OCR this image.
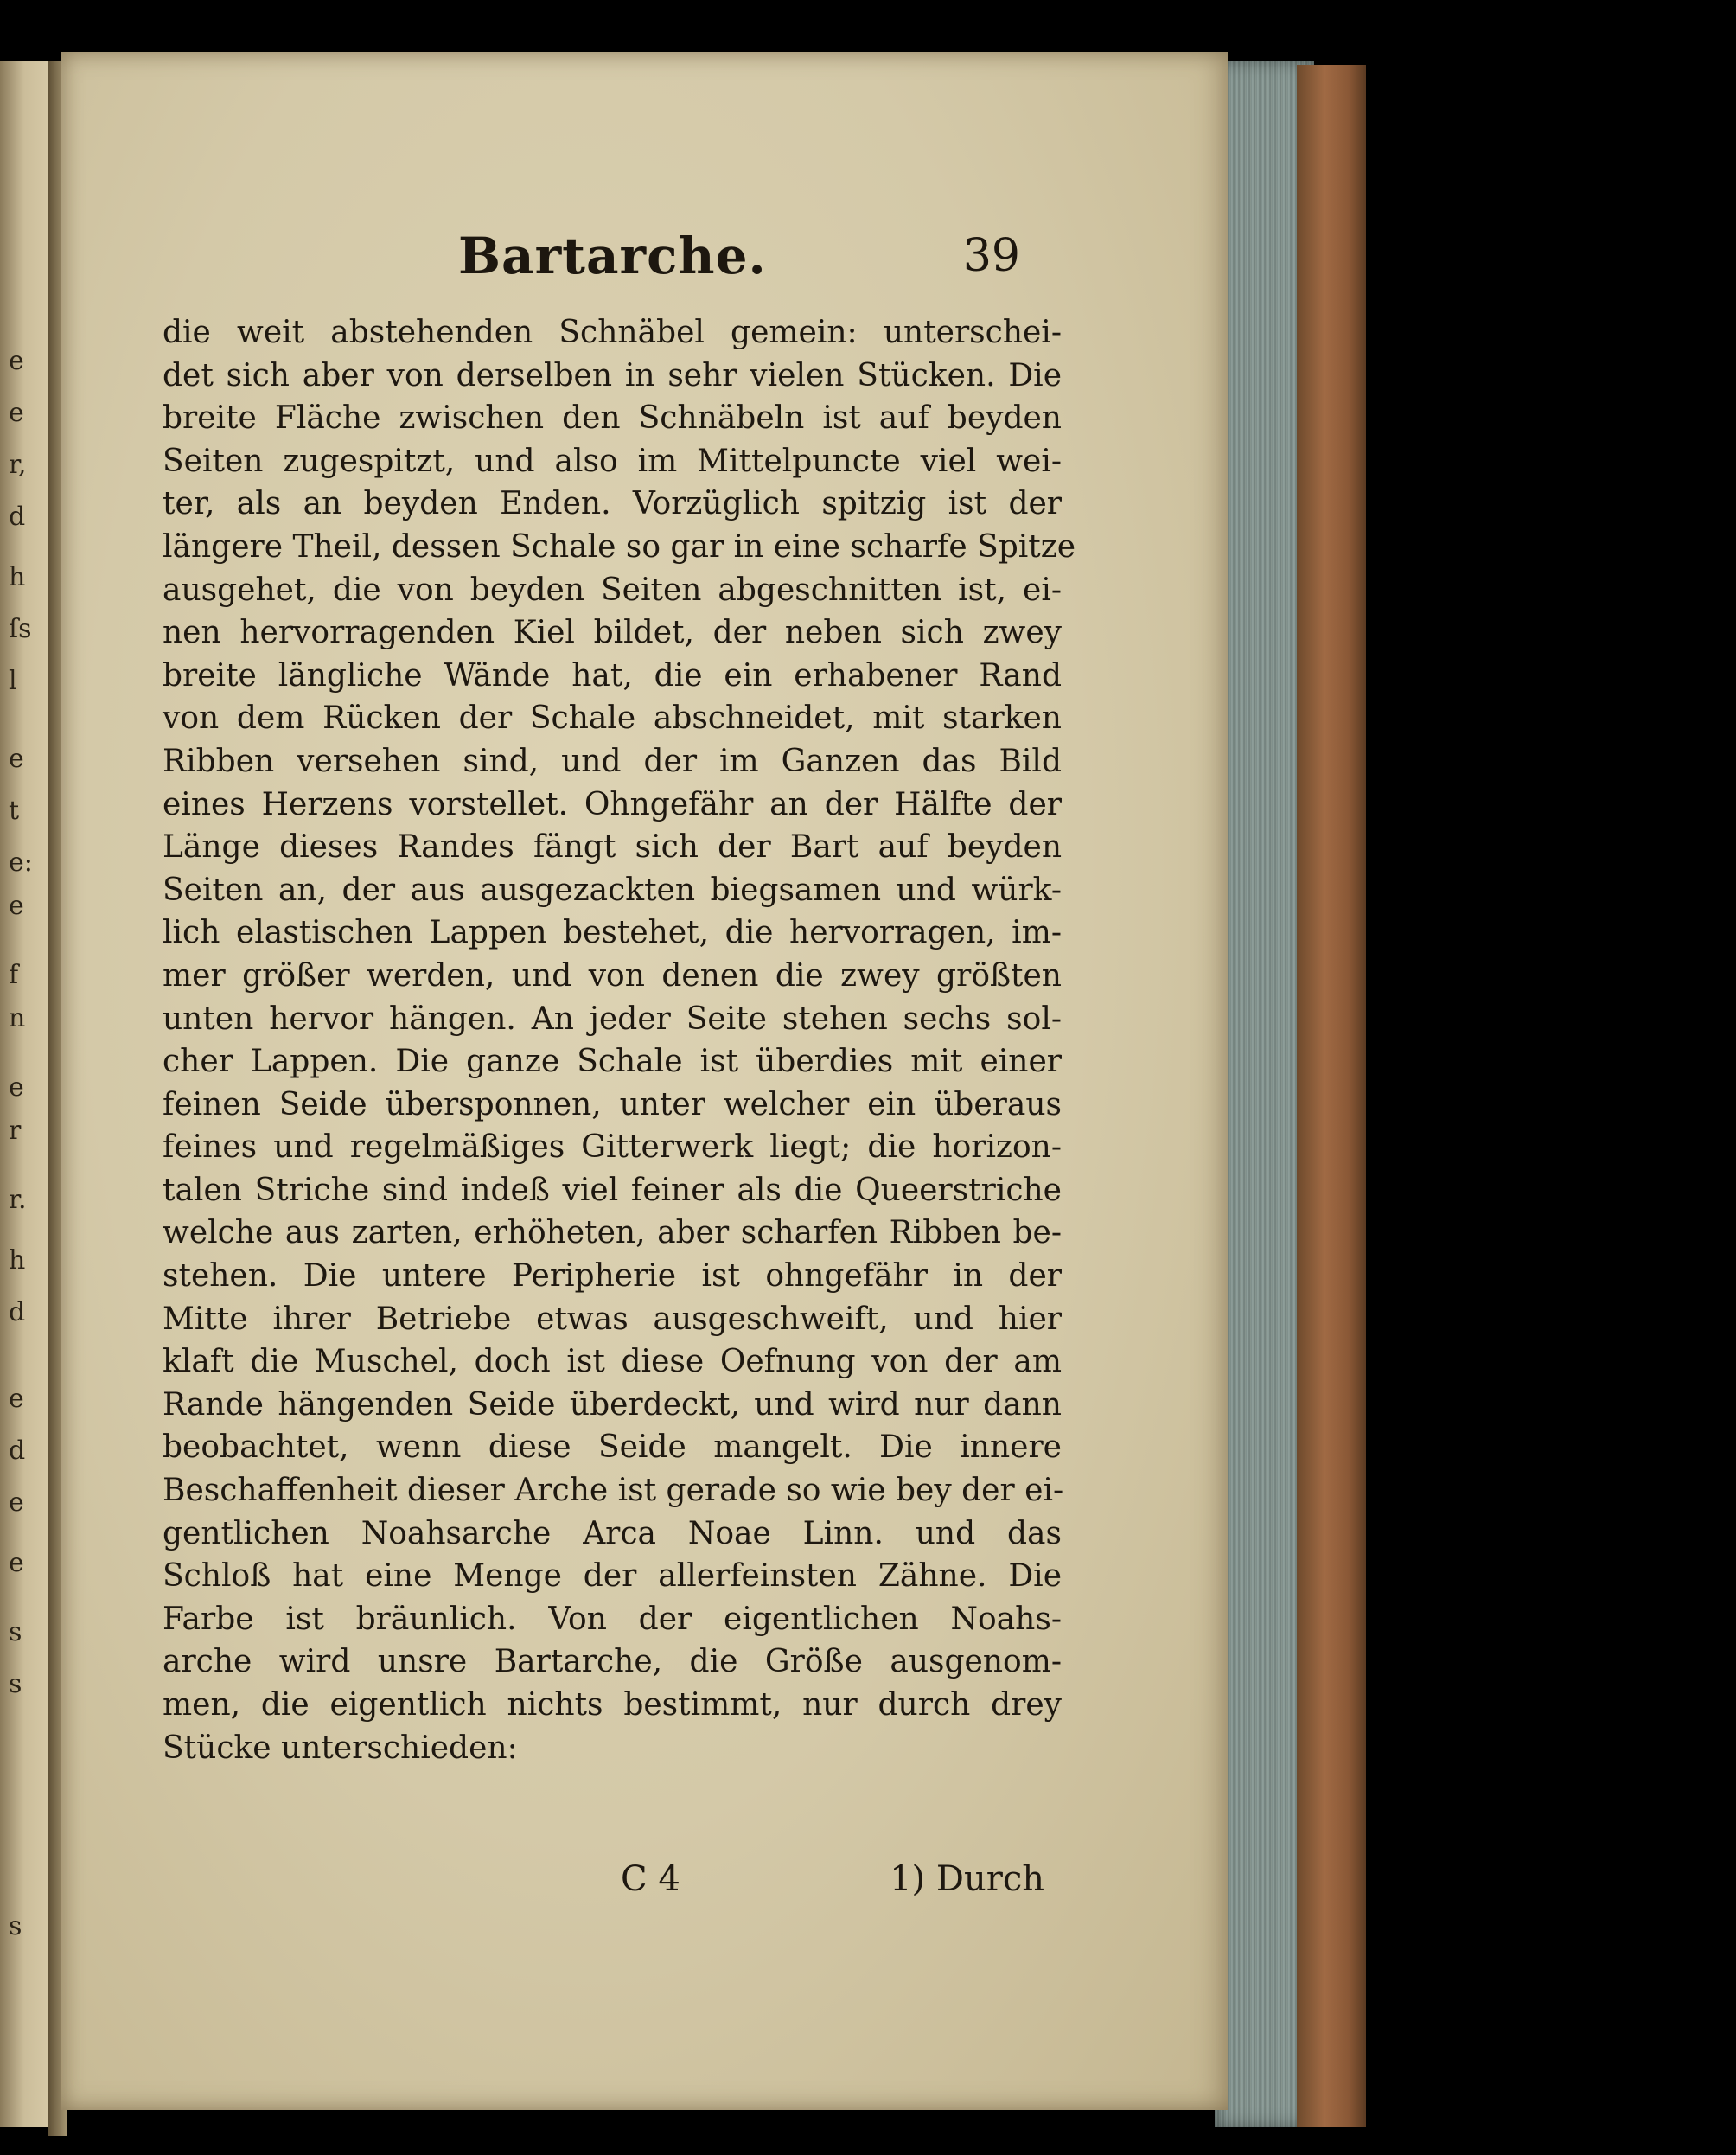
e
e
r,
d
h
ſs
l
e
t
e:
e
f
n
e
r
r.
h
d
e
d
e
e
s
s
s
Bartarche.	39
die weit abstehenden Schnäbel gemein: unterschei-
det sich aber von derselben in sehr vielen Stücken. Die
breite Fläche zwischen den Schnäbeln ist auf beyden
Seiten zugespitzt, und also im Mittelpuncte viel wei-
ter, als an beyden Enden. Vorzüglich spitzig ist der
längere Theil, dessen Schale so gar in eine scharfe Spitze
ausgehet, die von beyden Seiten abgeschnitten ist, ei-
nen hervorragenden Kiel bildet, der neben sich zwey
breite längliche Wände hat, die ein erhabener Rand
von dem Rücken der Schale abschneidet, mit starken
Ribben versehen sind, und der im Ganzen das Bild
eines Herzens vorstellet. Ohngefähr an der Hälfte der
Länge dieses Randes fängt sich der Bart auf beyden
Seiten an, der aus ausgezackten biegsamen und würk-
lich elastischen Lappen bestehet, die hervorragen, im-
mer größer werden, und von denen die zwey größten
unten hervor hängen. An jeder Seite stehen sechs sol-
cher Lappen. Die ganze Schale ist überdies mit einer
feinen Seide übersponnen, unter welcher ein überaus
feines und regelmäßiges Gitterwerk liegt; die horizon-
talen Striche sind indeß viel feiner als die Queerstriche
welche aus zarten, erhöheten, aber scharfen Ribben be-
stehen. Die untere Peripherie ist ohngefähr in der
Mitte ihrer Betriebe etwas ausgeschweift, und hier
klaft die Muschel, doch ist diese Oefnung von der am
Rande hängenden Seide überdeckt, und wird nur dann
beobachtet, wenn diese Seide mangelt. Die innere
Beschaffenheit dieser Arche ist gerade so wie bey der ei-
gentlichen Noahsarche Arca Noae Linn. und das
Schloß hat eine Menge der allerfeinsten Zähne. Die
Farbe ist bräunlich. Von der eigentlichen Noahs-
arche wird unsre Bartarche, die Größe ausgenom-
men, die eigentlich nichts bestimmt, nur durch drey
Stücke unterschieden:
C 4	1) Durch
